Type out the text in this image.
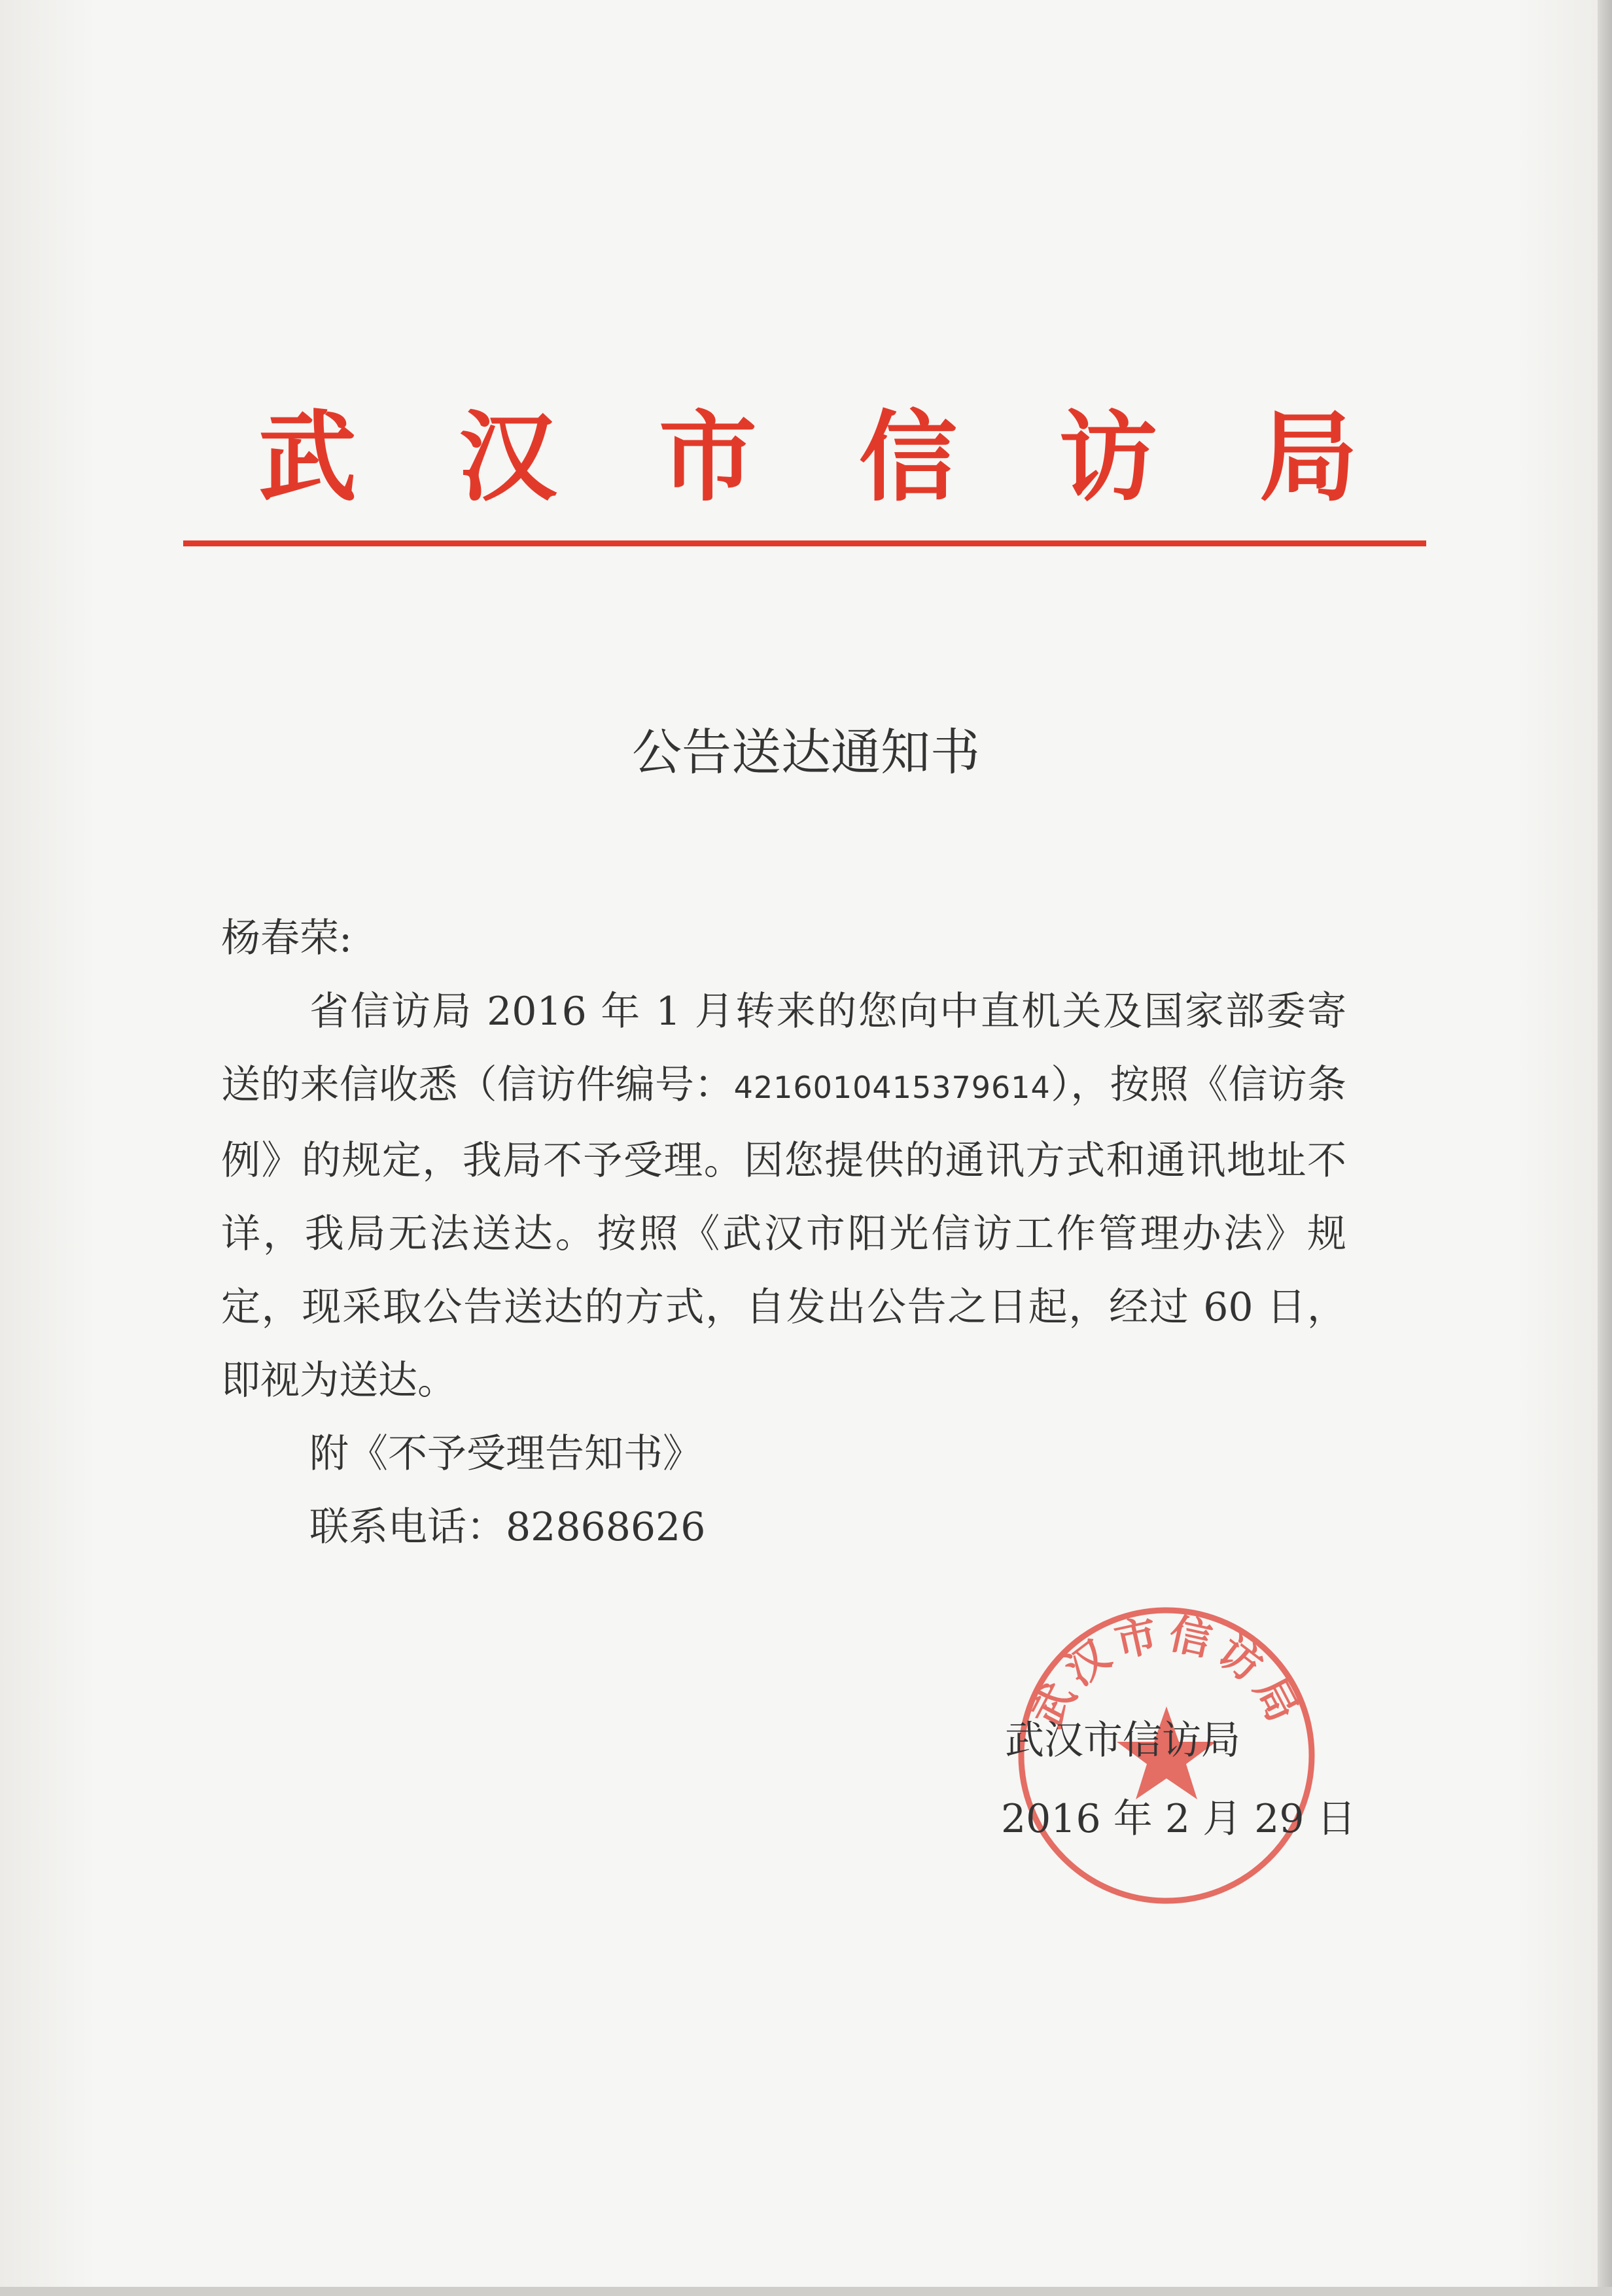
武 汉 市 信 访 局
公告送达通知书

杨春荣:

省信访局 2016 年 1 月转来的您向中直机关及国家部委寄送的来信收悉（信访件编号：4216010415379614），按照《信访条例》的规定，我局不予受理。因您提供的通讯方式和通讯地址不详，我局无法送达。按照《武汉市阳光信访工作管理办法》规定，现采取公告送达的方式，自发出公告之日起，经过 60 日，即视为送达。

附《不予受理告知书》

联系电话：82868626

武汉市信访局

武汉市信访局

2016 年 2 月 29 日
